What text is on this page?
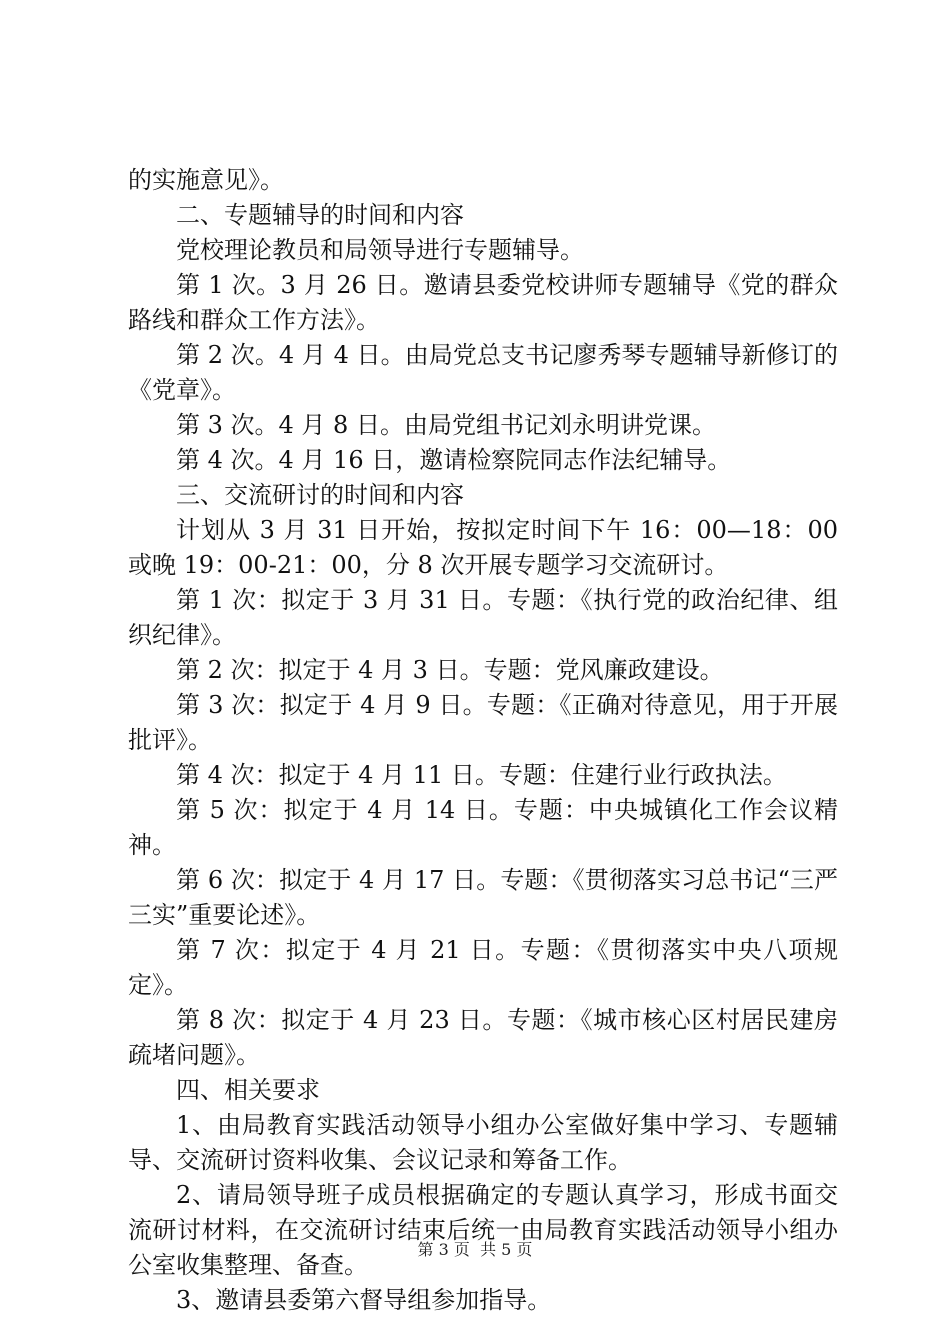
的实施意见》。

二、专题辅导的时间和内容

党校理论教员和局领导进行专题辅导。

第 1 次。3 月 26 日。邀请县委党校讲师专题辅导《党的群众路线和群众工作方法》。

第 2 次。4 月 4 日。由局党总支书记廖秀琴专题辅导新修订的《党章》。

第 3 次。4 月 8 日。由局党组书记刘永明讲党课。

第 4 次。4 月 16 日，邀请检察院同志作法纪辅导。

三、交流研讨的时间和内容

计划从 3 月 31 日开始，按拟定时间下午 16：00—18：00 或晚 19：00-21：00，分 8 次开展专题学习交流研讨。

第 1 次：拟定于 3 月 31 日。专题：《执行党的政治纪律、组织纪律》。

第 2 次：拟定于 4 月 3 日。专题：党风廉政建设。

第 3 次：拟定于 4 月 9 日。专题：《正确对待意见，用于开展批评》。

第 4 次：拟定于 4 月 11 日。专题：住建行业行政执法。

第 5 次：拟定于 4 月 14 日。专题：中央城镇化工作会议精神。

第 6 次：拟定于 4 月 17 日。专题：《贯彻落实习总书记“三严三实”重要论述》。

第 7 次：拟定于 4 月 21 日。专题：《贯彻落实中央八项规定》。

第 8 次：拟定于 4 月 23 日。专题：《城市核心区村居民建房疏堵问题》。

四、相关要求

1、由局教育实践活动领导小组办公室做好集中学习、专题辅导、交流研讨资料收集、会议记录和筹备工作。

2、请局领导班子成员根据确定的专题认真学习，形成书面交流研讨材料，在交流研讨结束后统一由局教育实践活动领导小组办公室收集整理、备查。

3、邀请县委第六督导组参加指导。

第 3 页 共 5 页
